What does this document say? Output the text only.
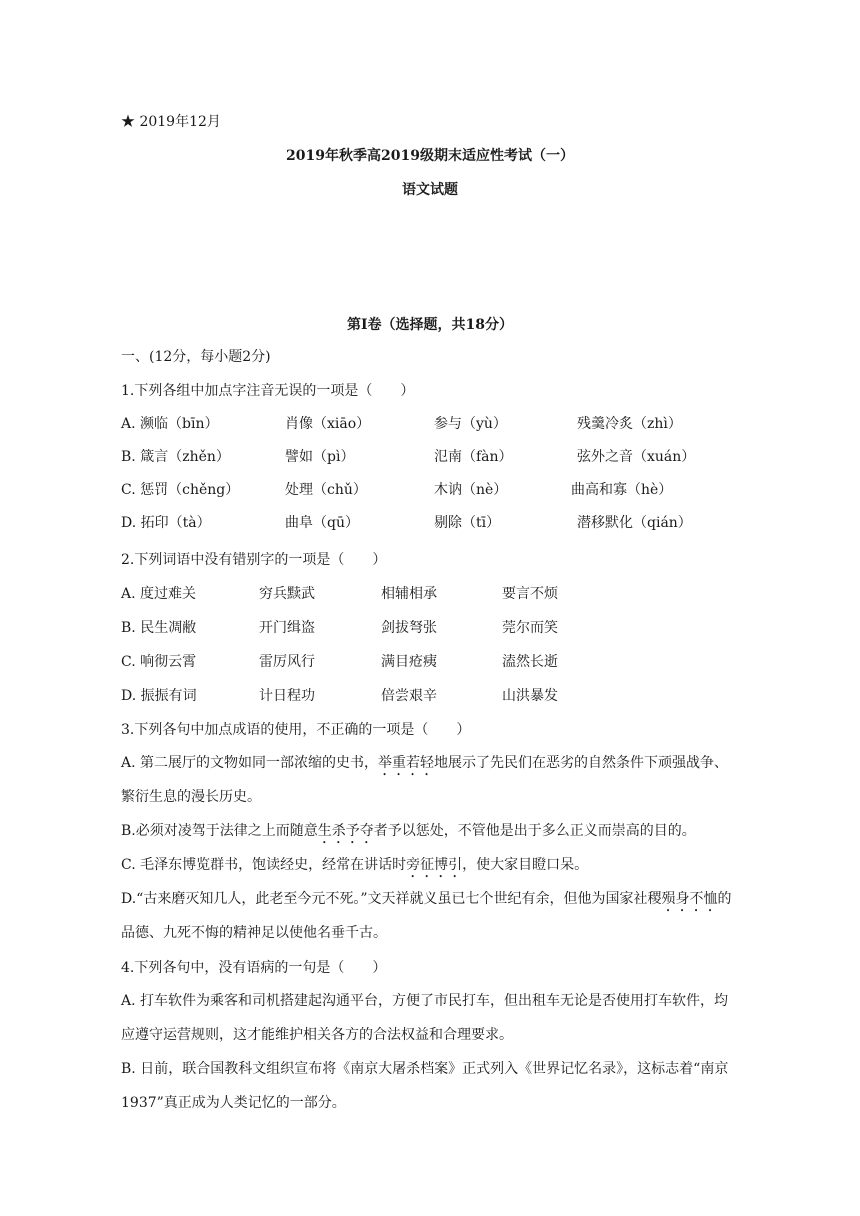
★ 2019年12月
2019年秋季高2019级期末适应性考试（一）
语文试题
第Ⅰ卷（选择题，共18分）
一、(12分，每小题2分)
1.下列各组中加点字注音无误的一项是（　　）
A. 濒临（bīn）	肖像（xiāo）	参与（yù）	残羹冷炙（zhì）
B. 箴言（zhěn）	譬如（pì）	氾南（fàn）	弦外之音（xuán）
C. 惩罚（chěng）	处理（chǔ）	木讷（nè）	曲高和寡（hè）
D. 拓印（tà）	曲阜（qū）	剔除（tī）	潜移默化（qián）
2.下列词语中没有错别字的一项是（　　）
A. 度过难关	穷兵黩武	相辅相承	要言不烦
B. 民生凋敝	开门缉盗	剑拔弩张	莞尔而笑
C. 响彻云霄	雷厉风行	满目疮痍	溘然长逝
D. 振振有词	计日程功	倍尝艰辛	山洪暴发
3.下列各句中加点成语的使用，不正确的一项是（　　）
A. 第二展厅的文物如同一部浓缩的史书，举重若轻地展示了先民们在恶劣的自然条件下顽强战争、繁衍生息的漫长历史。
B.必须对凌驾于法律之上而随意生杀予夺者予以惩处，不管他是出于多么正义而崇高的目的。
C. 毛泽东博览群书，饱读经史，经常在讲话时旁征博引，使大家目瞪口呆。
D.“古来磨灭知几人，此老至今元不死。”文天祥就义虽已七个世纪有余，但他为国家社稷殒身不恤的品德、九死不悔的精神足以使他名垂千古。
4.下列各句中，没有语病的一句是（　　）
A. 打车软件为乘客和司机搭建起沟通平台，方便了市民打车，但出租车无论是否使用打车软件，均应遵守运营规则，这才能维护相关各方的合法权益和合理要求。
B. 日前，联合国教科文组织宣布将《南京大屠杀档案》正式列入《世界记忆名录》，这标志着“南京1937”真正成为人类记忆的一部分。
